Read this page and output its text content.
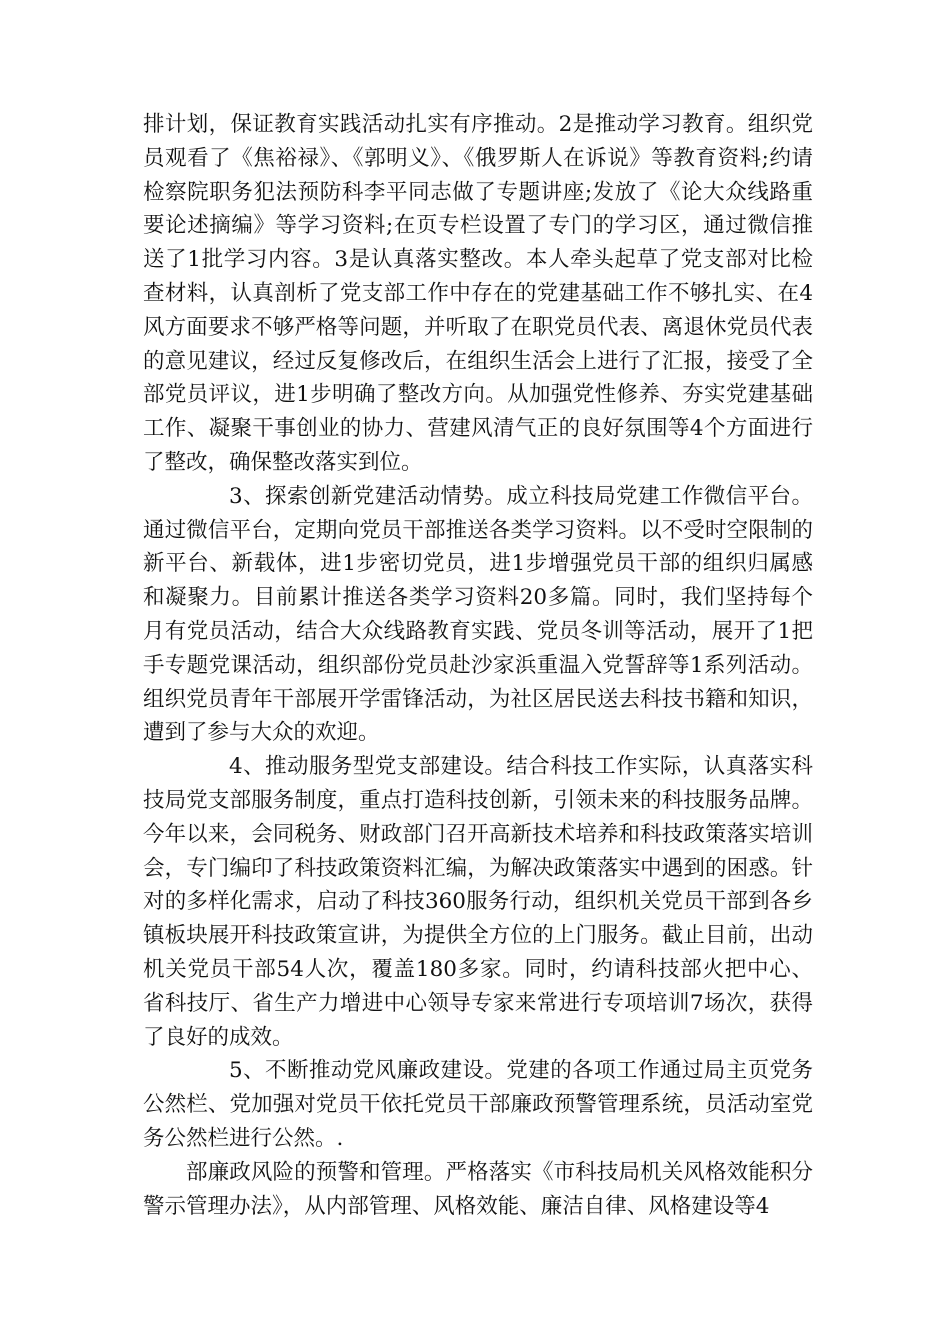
排计划，保证教育实践活动扎实有序推动。2是推动学习教育。组织党员观看了《焦裕禄》、《郭明义》、《俄罗斯人在诉说》等教育资料;约请检察院职务犯法预防科李平同志做了专题讲座;发放了《论大众线路重要论述摘编》等学习资料;在页专栏设置了专门的学习区，通过微信推送了1批学习内容。3是认真落实整改。本人牵头起草了党支部对比检查材料，认真剖析了党支部工作中存在的党建基础工作不够扎实、在4风方面要求不够严格等问题，并听取了在职党员代表、离退休党员代表的意见建议，经过反复修改后，在组织生活会上进行了汇报，接受了全部党员评议，进1步明确了整改方向。从加强党性修养、夯实党建基础工作、凝聚干事创业的协力、营建风清气正的良好氛围等4个方面进行了整改，确保整改落实到位。

3、探索创新党建活动情势。成立科技局党建工作微信平台。通过微信平台，定期向党员干部推送各类学习资料。以不受时空限制的新平台、新载体，进1步密切党员，进1步增强党员干部的组织归属感和凝聚力。目前累计推送各类学习资料20多篇。同时，我们坚持每个月有党员活动，结合大众线路教育实践、党员冬训等活动，展开了1把手专题党课活动，组织部份党员赴沙家浜重温入党誓辞等1系列活动。组织党员青年干部展开学雷锋活动，为社区居民送去科技书籍和知识，遭到了参与大众的欢迎。

4、推动服务型党支部建设。结合科技工作实际，认真落实科技局党支部服务制度，重点打造科技创新，引领未来的科技服务品牌。今年以来，会同税务、财政部门召开高新技术培养和科技政策落实培训会，专门编印了科技政策资料汇编，为解决政策落实中遇到的困惑。针对的多样化需求，启动了科技360服务行动，组织机关党员干部到各乡镇板块展开科技政策宣讲，为提供全方位的上门服务。截止目前，出动机关党员干部54人次，覆盖180多家。同时，约请科技部火把中心、省科技厅、省生产力增进中心领导专家来常进行专项培训7场次，获得了良好的成效。

5、不断推动党风廉政建设。党建的各项工作通过局主页党务公然栏、党加强对党员干依托党员干部廉政预警管理系统，员活动室党务公然栏进行公然。.

部廉政风险的预警和管理。严格落实《市科技局机关风格效能积分警示管理办法》，从内部管理、风格效能、廉洁自律、风格建设等4
